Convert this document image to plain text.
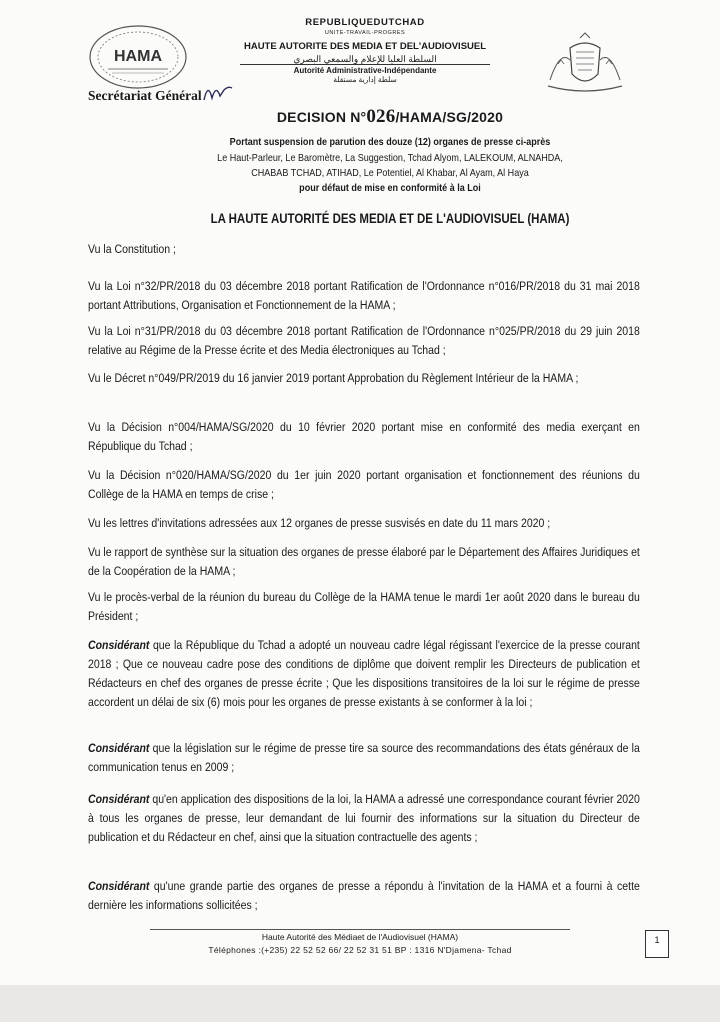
HAMA
REPUBLIQUEDUTCHAD
UNITE-TRAVAIL-PROGRES
HAUTE AUTORITE DES MEDIA ET DEL'AUDIOVISUEL
السلطة العليا للإعلام والسمعي البصري
Autorité Administrative-Indépendante
سلطة إدارية مستقلة
Secrétariat Général
DECISION N°026/HAMA/SG/2020
Portant suspension de parution des douze (12) organes de presse ci-après
Le Haut-Parleur, Le Baromètre, La Suggestion, Tchad Alyom, LALEKOUM, ALNAHDA,
CHABAB TCHAD, ATIHAD, Le Potentiel, Al Khabar, Al Ayam, Al Haya
pour défaut de mise en conformité à la Loi
LA HAUTE AUTORITÉ DES MEDIA ET DE L'AUDIOVISUEL (HAMA)
Vu la Constitution ;
Vu la Loi n°32/PR/2018 du 03 décembre 2018 portant Ratification de l'Ordonnance n°016/PR/2018 du 31 mai 2018 portant Attributions, Organisation et Fonctionnement de la HAMA ;
Vu la Loi n°31/PR/2018 du 03 décembre 2018 portant Ratification de l'Ordonnance n°025/PR/2018 du 29 juin 2018 relative au Régime de la Presse écrite et des Media électroniques au Tchad ;
Vu le Décret n°049/PR/2019 du 16 janvier 2019 portant Approbation du Règlement Intérieur de la HAMA ;
Vu la Décision n°004/HAMA/SG/2020 du 10 février 2020 portant mise en conformité des media exerçant en République du Tchad ;
Vu la Décision n°020/HAMA/SG/2020 du 1er juin 2020 portant organisation et fonctionnement des réunions du Collège de la HAMA en temps de crise ;
Vu les lettres d'invitations adressées aux 12 organes de presse susvisés en date du 11 mars 2020 ;
Vu le rapport de synthèse sur la situation des organes de presse élaboré par le Département des Affaires Juridiques et de la Coopération de la HAMA ;
Vu le procès-verbal de la réunion du bureau du Collège de la HAMA tenue le mardi 1er août 2020 dans le bureau du Président ;
Considérant que la République du Tchad a adopté un nouveau cadre légal régissant l'exercice de la presse courant 2018 ; Que ce nouveau cadre pose des conditions de diplôme que doivent remplir les Directeurs de publication et Rédacteurs en chef des organes de presse écrite ; Que les dispositions transitoires de la loi sur le régime de presse accordent un délai de six (6) mois pour les organes de presse existants à se conformer à la loi ;
Considérant que la législation sur le régime de presse tire sa source des recommandations des états généraux de la communication tenus en 2009 ;
Considérant qu'en application des dispositions de la loi, la HAMA a adressé une correspondance courant février 2020 à tous les organes de presse, leur demandant de lui fournir des informations sur la situation du Directeur de publication et du Rédacteur en chef, ainsi que la situation contractuelle des agents ;
Considérant qu'une grande partie des organes de presse a répondu à l'invitation de la HAMA et a fourni à cette dernière les informations sollicitées ;
Haute Autorité des Médiaet de l'Audiovisuel (HAMA)
Téléphones :(+235) 22 52 52 66/ 22 52 31 51 BP : 1316 N'Djamena- Tchad
1
